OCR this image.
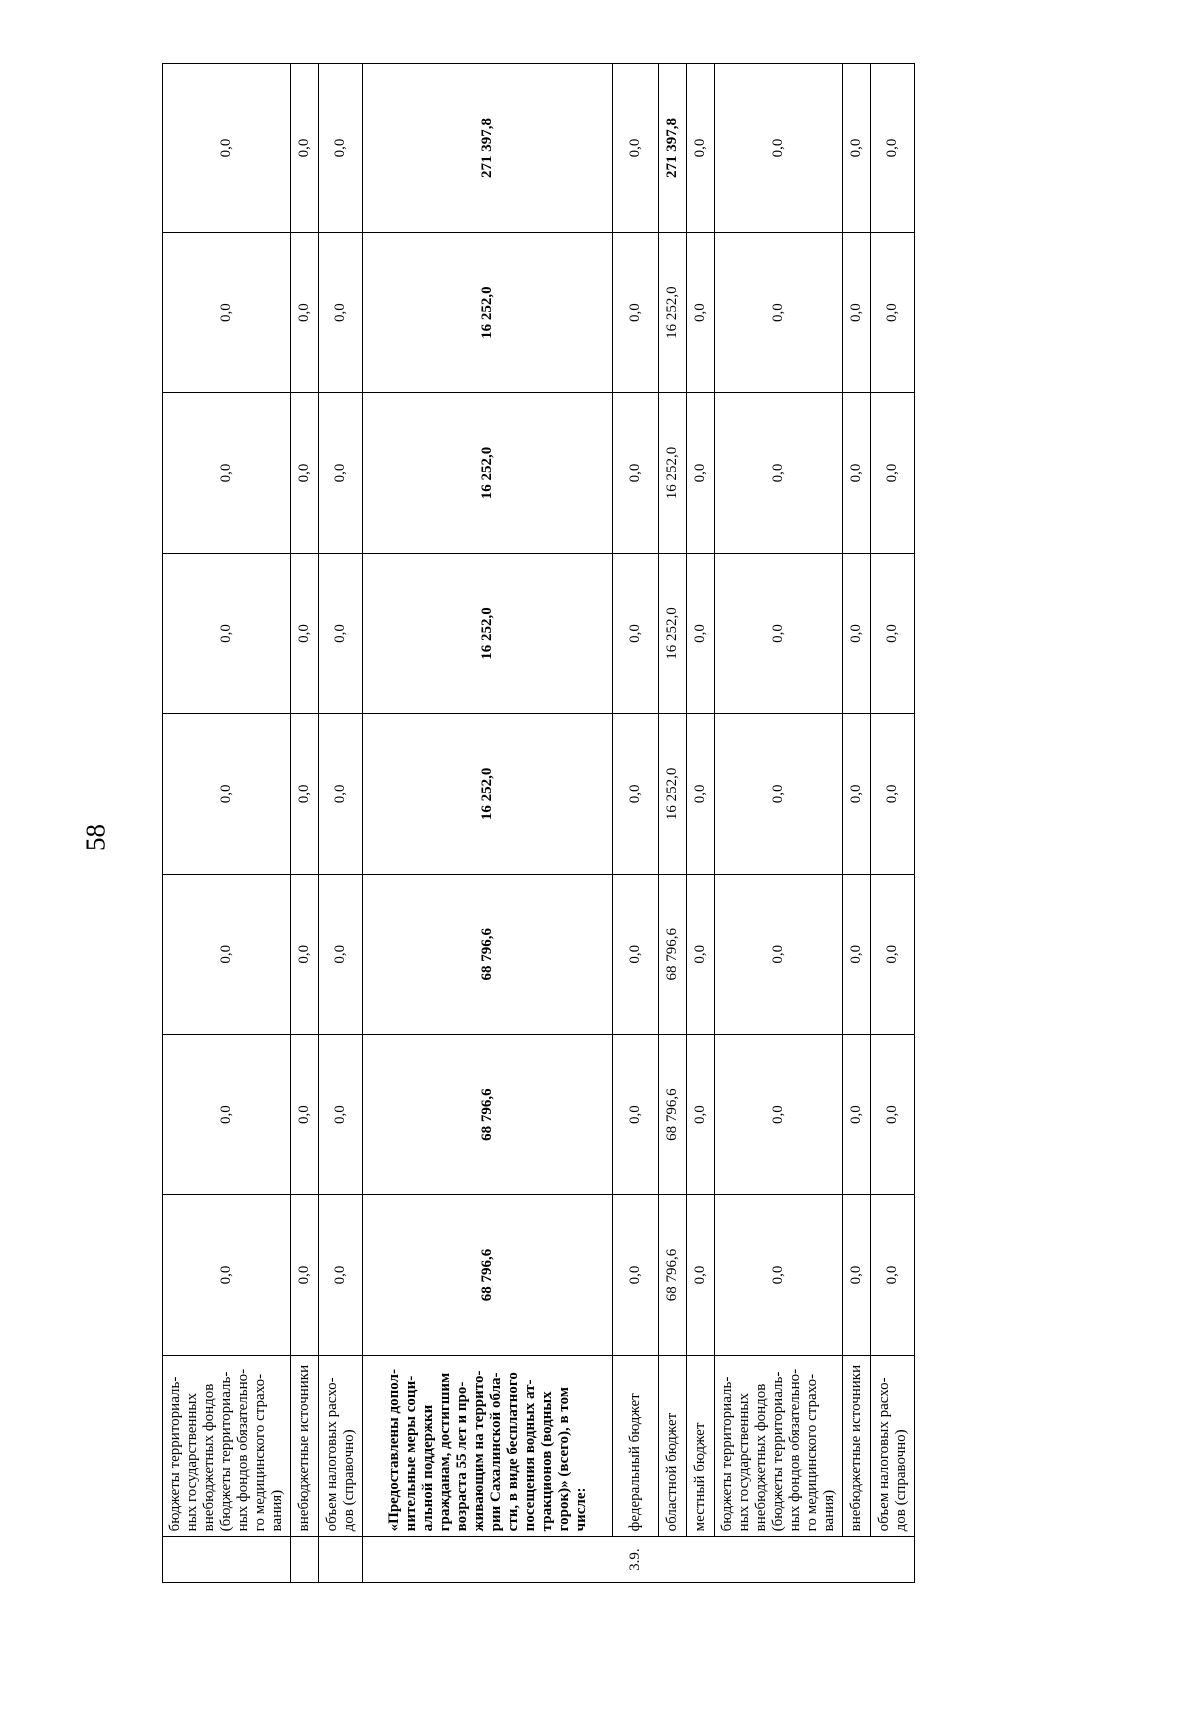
58
	бюджеты территориаль-ных государственных внебюджетных фондов (бюджеты территориаль-ных фондов обязательно-го медицинского страхо-вания)	0,0	0,0	0,0	0,0	0,0	0,0	0,0	0,0
	внебюджетные источники	0,0	0,0	0,0	0,0	0,0	0,0	0,0	0,0
	объем налоговых расхо-дов (справочно)	0,0	0,0	0,0	0,0	0,0	0,0	0,0	0,0
	«Предоставлены допол-нительные меры соци-альной поддержки гражданам, достигшим возраста 55 лет и про-живающим на террито-рии Сахалинской обла-сти, в виде бесплатного посещения водных ат-тракционов (водных горок)» (всего), в том числе:	68 796,6	68 796,6	68 796,6	16 252,0	16 252,0	16 252,0	16 252,0	271 397,8
3.9.	федеральный бюджет	0,0	0,0	0,0	0,0	0,0	0,0	0,0	0,0
	областной бюджет	68 796,6	68 796,6	68 796,6	16 252,0	16 252,0	16 252,0	16 252,0	271 397,8
	местный бюджет	0,0	0,0	0,0	0,0	0,0	0,0	0,0	0,0
	бюджеты территориаль-ных государственных внебюджетных фондов (бюджеты территориаль-ных фондов обязательно-го медицинского страхо-вания)	0,0	0,0	0,0	0,0	0,0	0,0	0,0	0,0
	внебюджетные источники	0,0	0,0	0,0	0,0	0,0	0,0	0,0	0,0
	объем налоговых расхо-дов (справочно)	0,0	0,0	0,0	0,0	0,0	0,0	0,0	0,0
